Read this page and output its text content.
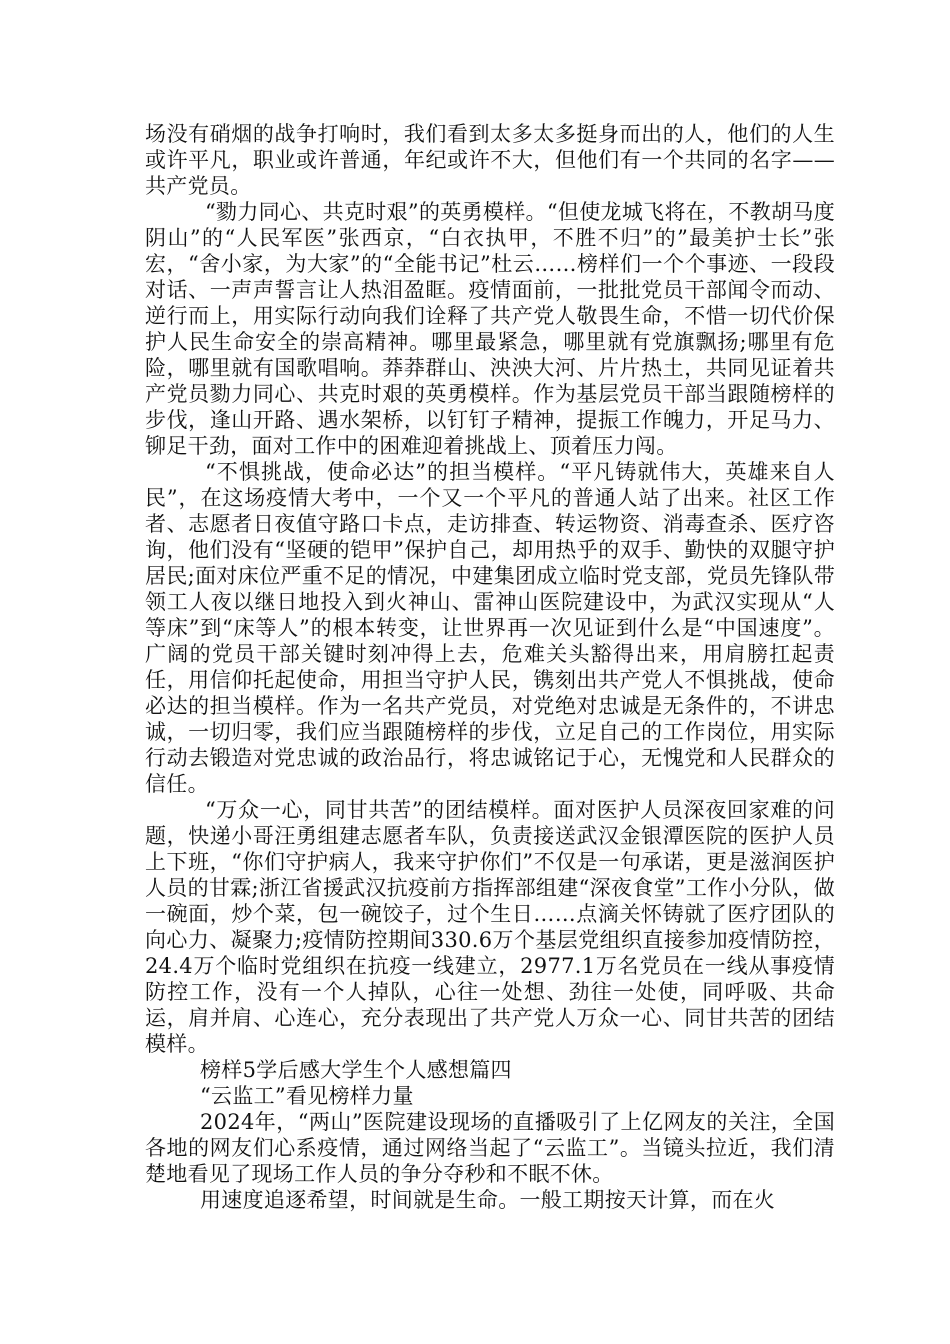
场没有硝烟的战争打响时，我们看到太多太多挺身而出的人，他们的人生或许平凡，职业或许普通，年纪或许不大，但他们有一个共同的名字——共产党员。

“勠力同心、共克时艰”的英勇模样。“但使龙城飞将在，不教胡马度阴山”的“人民军医”张西京，“白衣执甲，不胜不归”的”最美护士长”张宏，“舍小家，为大家”的“全能书记”杜云……榜样们一个个事迹、一段段对话、一声声誓言让人热泪盈眶。疫情面前，一批批党员干部闻令而动、逆行而上，用实际行动向我们诠释了共产党人敬畏生命，不惜一切代价保护人民生命安全的崇高精神。哪里最紧急，哪里就有党旗飘扬;哪里有危险，哪里就有国歌唱响。莽莽群山、泱泱大河、片片热土，共同见证着共产党员勠力同心、共克时艰的英勇模样。作为基层党员干部当跟随榜样的步伐，逢山开路、遇水架桥，以钉钉子精神，提振工作魄力，开足马力、铆足干劲，面对工作中的困难迎着挑战上、顶着压力闯。

“不惧挑战，使命必达”的担当模样。“平凡铸就伟大，英雄来自人民”，在这场疫情大考中，一个又一个平凡的普通人站了出来。社区工作者、志愿者日夜值守路口卡点，走访排查、转运物资、消毒查杀、医疗咨询，他们没有“坚硬的铠甲”保护自己，却用热乎的双手、勤快的双腿守护居民;面对床位严重不足的情况，中建集团成立临时党支部，党员先锋队带领工人夜以继日地投入到火神山、雷神山医院建设中，为武汉实现从“人等床”到“床等人”的根本转变，让世界再一次见证到什么是“中国速度”。广阔的党员干部关键时刻冲得上去，危难关头豁得出来，用肩膀扛起责任，用信仰托起使命，用担当守护人民，镌刻出共产党人不惧挑战，使命必达的担当模样。作为一名共产党员，对党绝对忠诚是无条件的，不讲忠诚，一切归零，我们应当跟随榜样的步伐，立足自己的工作岗位，用实际行动去锻造对党忠诚的政治品行，将忠诚铭记于心，无愧党和人民群众的信任。

“万众一心，同甘共苦”的团结模样。面对医护人员深夜回家难的问题，快递小哥汪勇组建志愿者车队，负责接送武汉金银潭医院的医护人员上下班，“你们守护病人，我来守护你们”不仅是一句承诺，更是滋润医护人员的甘霖;浙江省援武汉抗疫前方指挥部组建“深夜食堂”工作小分队，做一碗面，炒个菜，包一碗饺子，过个生日……点滴关怀铸就了医疗团队的向心力、凝聚力;疫情防控期间330.6万个基层党组织直接参加疫情防控，24.4万个临时党组织在抗疫一线建立，2977.1万名党员在一线从事疫情防控工作，没有一个人掉队，心往一处想、劲往一处使，同呼吸、共命运，肩并肩、心连心，充分表现出了共产党人万众一心、同甘共苦的团结模样。

榜样5学后感大学生个人感想篇四

“云监工”看见榜样力量

2024年，“两山”医院建设现场的直播吸引了上亿网友的关注，全国各地的网友们心系疫情，通过网络当起了“云监工”。当镜头拉近，我们清楚地看见了现场工作人员的争分夺秒和不眠不休。

用速度追逐希望，时间就是生命。一般工期按天计算，而在火
